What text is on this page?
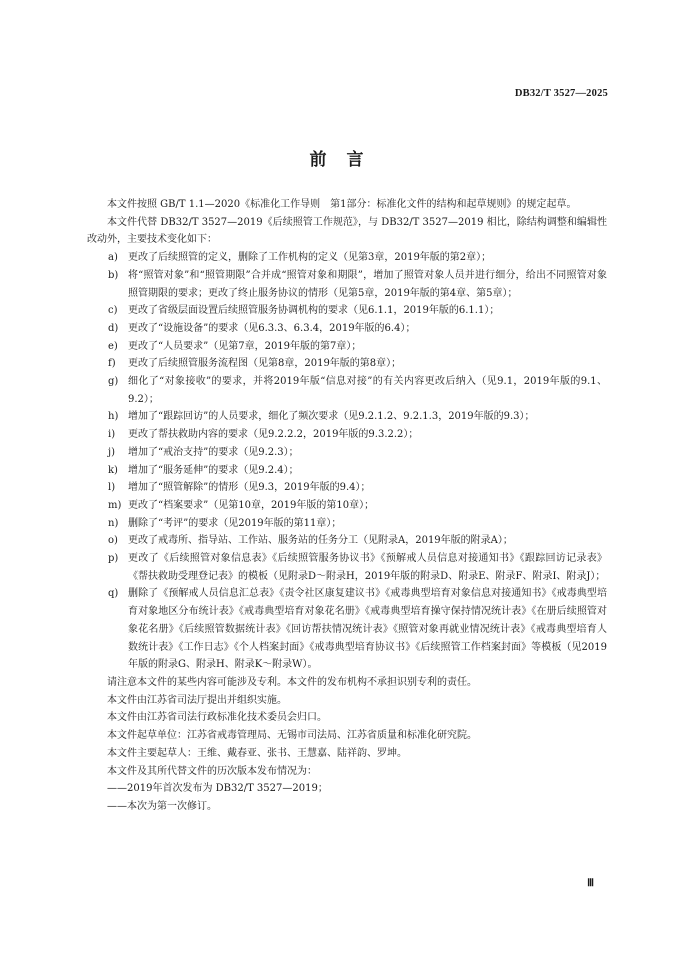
DB32/T 3527—2025
前言

本文件按照 GB/T 1.1—2020《标准化工作导则　第1部分：标准化文件的结构和起草规则》的规定起草。

本文件代替 DB32/T 3527—2019《后续照管工作规范》，与 DB32/T 3527—2019 相比，除结构调整和编辑性改动外，主要技术变化如下：

a)	更改了后续照管的定义，删除了工作机构的定义（见第3章，2019年版的第2章）；
b) 将“照管对象”和“照管期限”合并成“照管对象和期限”，增加了照管对象人员并进行细分，给出不同照管对象照管期限的要求；更改了终止服务协议的情形（见第5章，2019年版的第4章、第5章）；
c)	更改了省级层面设置后续照管服务协调机构的要求（见6.1.1，2019年版的6.1.1）；
d) 更改了“设施设备”的要求（见6.3.3、6.3.4，2019年版的6.4）；
e)	更改了“人员要求”（见第7章，2019年版的第7章）；
f)	更改了后续照管服务流程图（见第8章，2019年版的第8章）；
g) 细化了“对象接收”的要求，并将2019年版“信息对接”的有关内容更改后纳入（见9.1，2019年版的9.1、9.2）；
h) 增加了“跟踪回访”的人员要求，细化了频次要求（见9.2.1.2、9.2.1.3，2019年版的9.3）；
i)	更改了帮扶救助内容的要求（见9.2.2.2，2019年版的9.3.2.2）；
j)	增加了“戒治支持”的要求（见9.2.3）；
k)	增加了“服务延伸”的要求（见9.2.4）；
l)	增加了“照管解除”的情形（见9.3，2019年版的9.4）；
m) 更改了“档案要求”（见第10章，2019年版的第10章）；
n) 删除了“考评”的要求（见2019年版的第11章）；
o)	更改了戒毒所、指导站、工作站、服务站的任务分工（见附录A，2019年版的附录A）；
p) 更改了《后续照管对象信息表》《后续照管服务协议书》《预解戒人员信息对接通知书》《跟踪回访记录表》《帮扶救助受理登记表》的模板（见附录D～附录H，2019年版的附录D、附录E、附录F、附录I、附录J）；
q) 删除了《预解戒人员信息汇总表》《责令社区康复建议书》《戒毒典型培育对象信息对接通知书》《戒毒典型培育对象地区分布统计表》《戒毒典型培育对象花名册》《戒毒典型培育操守保持情况统计表》《在册后续照管对象花名册》《后续照管数据统计表》《回访帮扶情况统计表》《照管对象再就业情况统计表》《戒毒典型培育人数统计表》《工作日志》《个人档案封面》《戒毒典型培育协议书》《后续照管工作档案封面》等模板（见2019年版的附录G、附录H、附录K～附录W）。

请注意本文件的某些内容可能涉及专利。本文件的发布机构不承担识别专利的责任。

本文件由江苏省司法厅提出并组织实施。

本文件由江苏省司法行政标准化技术委员会归口。

本文件起草单位：江苏省戒毒管理局、无锡市司法局、江苏省质量和标准化研究院。

本文件主要起草人：王维、戴春亚、张书、王慧嘉、陆祥韵、罗坤。

本文件及其所代替文件的历次版本发布情况为：

——2019年首次发布为 DB32/T 3527—2019；

——本次为第一次修订。

Ⅲ
